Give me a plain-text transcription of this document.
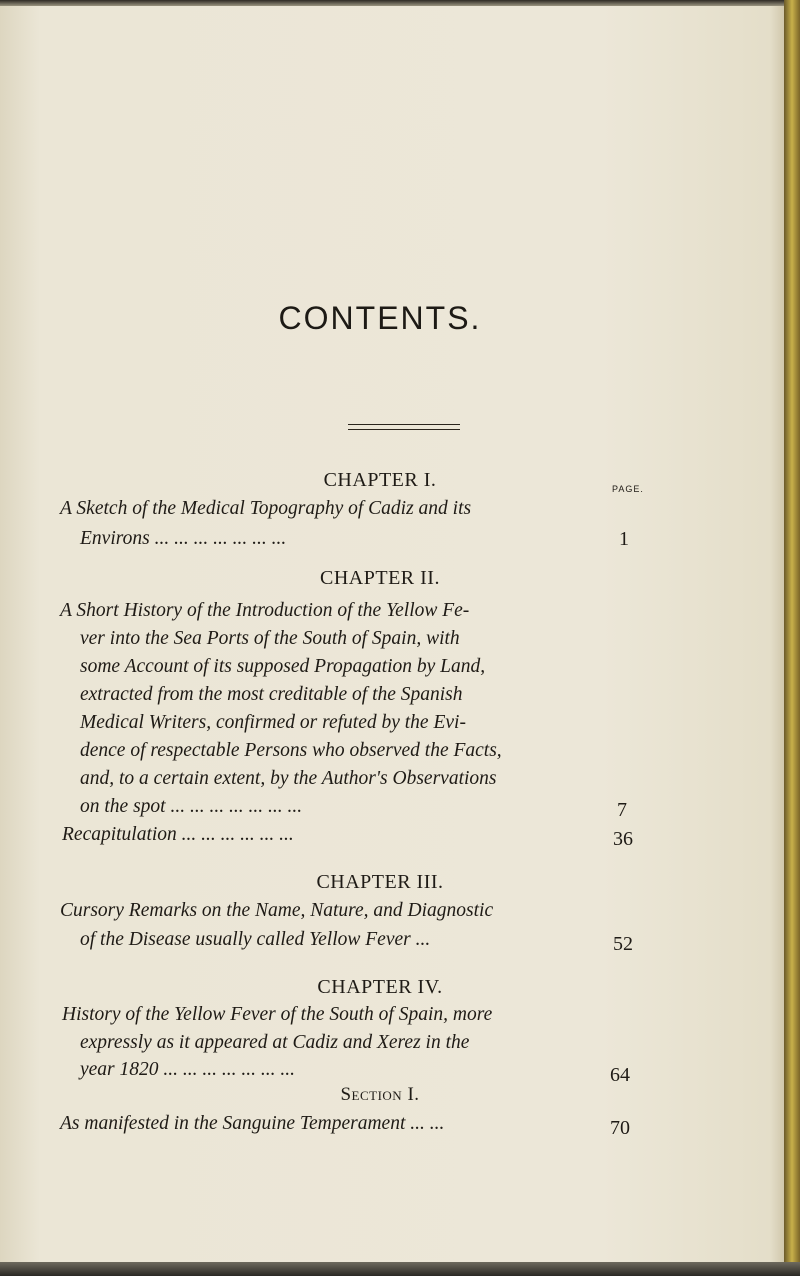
CONTENTS.
PAGE.
CHAPTER I.
A Sketch of the Medical Topography of Cadiz and its
Environs ... ... ... ... ... ... ...	1
CHAPTER II.
A Short History of the Introduction of the Yellow Fe-
ver into the Sea Ports of the South of Spain, with
some Account of its supposed Propagation by Land,
extracted from the most creditable of the Spanish
Medical Writers, confirmed or refuted by the Evi-
dence of respectable Persons who observed the Facts,
and, to a certain extent, by the Author's Observations
on the spot ... ... ... ... ... ... ...	7
Recapitulation ... ... ... ... ... ...	36
CHAPTER III.
Cursory Remarks on the Name, Nature, and Diagnostic
of the Disease usually called Yellow Fever ...	52
CHAPTER IV.
History of the Yellow Fever of the South of Spain, more
expressly as it appeared at Cadiz and Xerez in the
year 1820 ... ... ... ... ... ... ...	64
Section I.
As manifested in the Sanguine Temperament ... ...	70
